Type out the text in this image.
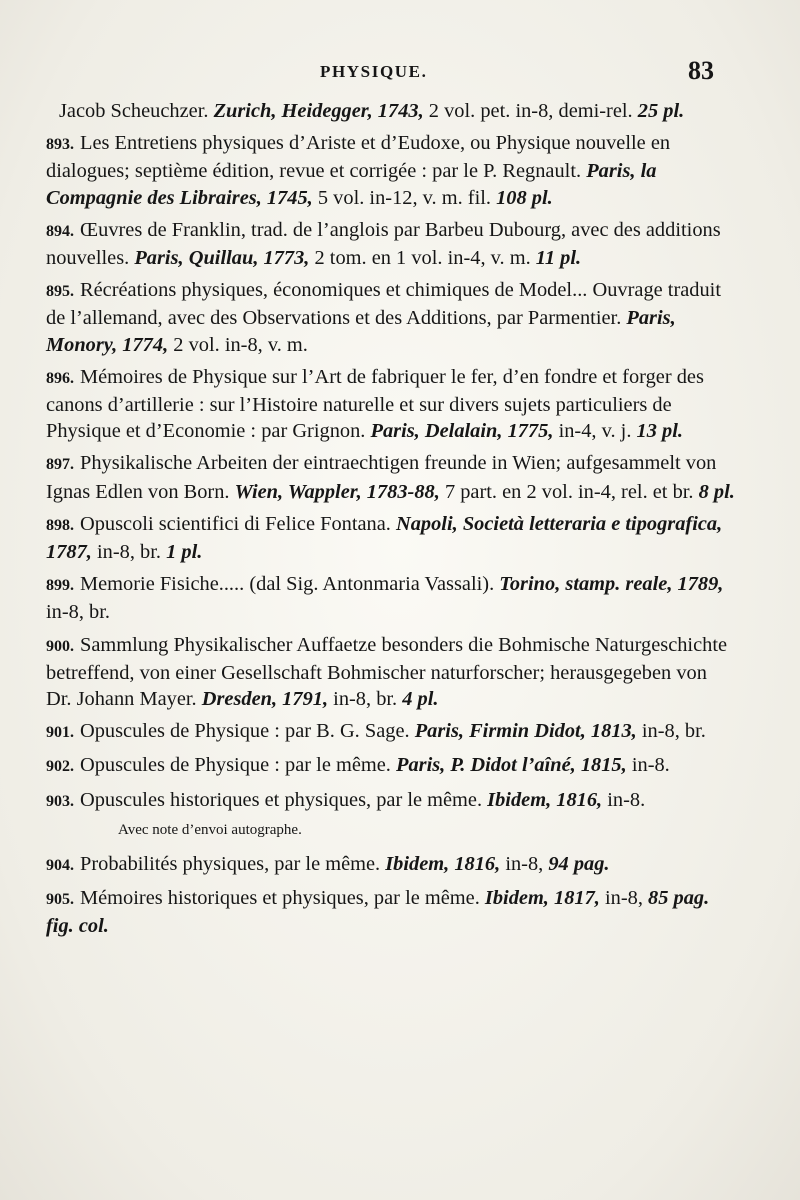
PHYSIQUE.	83
Jacob Scheuchzer. Zurich, Heidegger, 1743, 2 vol. pet. in-8, demi-rel. 25 pl.
893. Les Entretiens physiques d’Ariste et d’Eudoxe, ou Physique nouvelle en dialogues; septième édition, revue et corrigée : par le P. Regnault. Paris, la Compagnie des Libraires, 1745, 5 vol. in-12, v. m. fil. 108 pl.
894. Œuvres de Franklin, trad. de l’anglois par Barbeu Dubourg, avec des additions nouvelles. Paris, Quillau, 1773, 2 tom. en 1 vol. in-4, v. m. 11 pl.
895. Récréations physiques, économiques et chimiques de Model... Ouvrage traduit de l’allemand, avec des Observations et des Additions, par Parmentier. Paris, Monory, 1774, 2 vol. in-8, v. m.
896. Mémoires de Physique sur l’Art de fabriquer le fer, d’en fondre et forger des canons d’artillerie : sur l’Histoire naturelle et sur divers sujets particuliers de Physique et d’Economie : par Grignon. Paris, Delalain, 1775, in-4, v. j. 13 pl.
897. Physikalische Arbeiten der eintraechtigen freunde in Wien; aufgesammelt von Ignas Edlen von Born. Wien, Wappler, 1783-88, 7 part. en 2 vol. in-4, rel. et br. 8 pl.
898. Opuscoli scientifici di Felice Fontana. Napoli, Società letteraria e tipografica, 1787, in-8, br. 1 pl.
899. Memorie Fisiche..... (dal Sig. Antonmaria Vassali). Torino, stamp. reale, 1789, in-8, br.
900. Sammlung Physikalischer Auffaetze besonders die Bohmische Naturgeschichte betreffend, von einer Gesellschaft Bohmischer naturforscher; herausgegeben von Dr. Johann Mayer. Dresden, 1791, in-8, br. 4 pl.
901. Opuscules de Physique : par B. G. Sage. Paris, Firmin Didot, 1813, in-8, br.
902. Opuscules de Physique : par le même. Paris, P. Didot l’aîné, 1815, in-8.
903. Opuscules historiques et physiques, par le même. Ibidem, 1816, in-8.
Avec note d’envoi autographe.
904. Probabilités physiques, par le même. Ibidem, 1816, in-8, 94 pag.
905. Mémoires historiques et physiques, par le même. Ibidem, 1817, in-8, 85 pag. fig. col.
